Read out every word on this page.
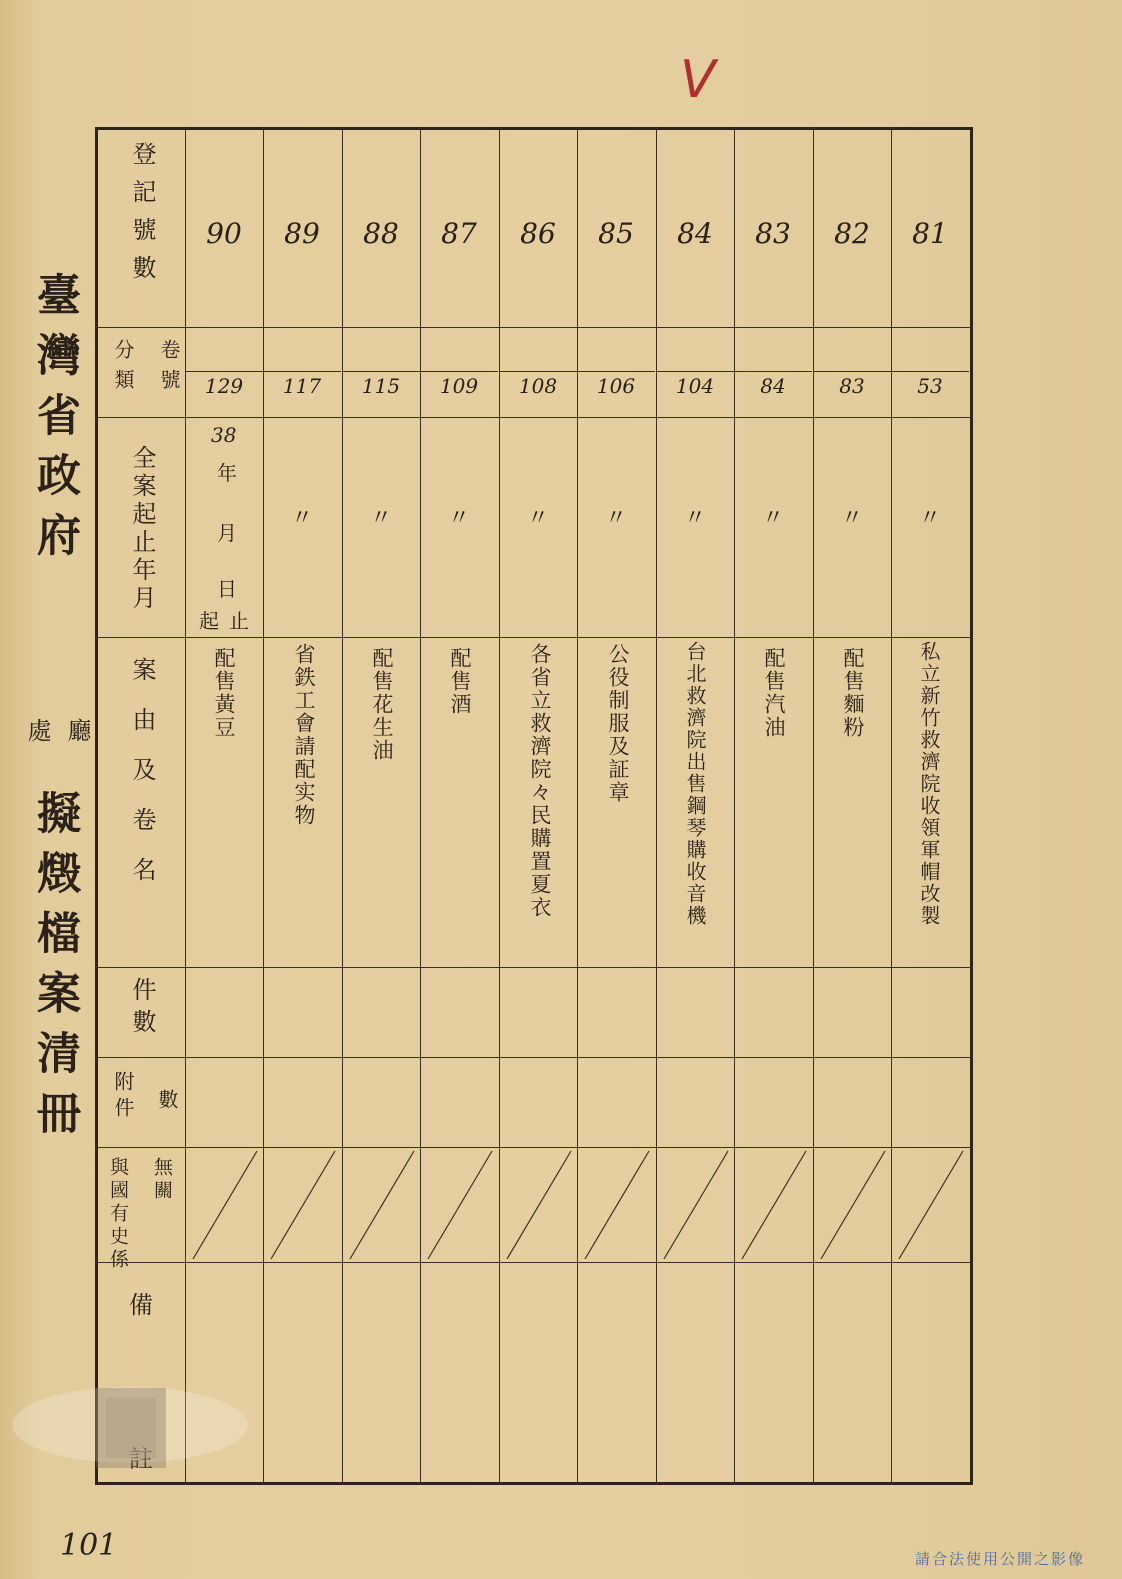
V
臺灣省政府
廳
處
擬燬檔案清冊
登記號數
卷號
分類
全案起止年月
案由及卷名
件數
附件 數
無關
與國有史係
備
註
90
129
38
年
月
日
起 止
配售黃豆
89
117
〃
省鉄工會請配实物
88
115
〃
配售花生油
87
109
〃
配售酒
86
108
〃
各省立救濟院々民購置夏衣
85
106
〃
公役制服及証章
84
104
〃
台北救濟院出售鋼琴購收音機
83
84
〃
配售汽油
82
83
〃
配售麵粉
81
53
〃
私立新竹救濟院收領軍帽改製
101	請合法使用公開之影像
